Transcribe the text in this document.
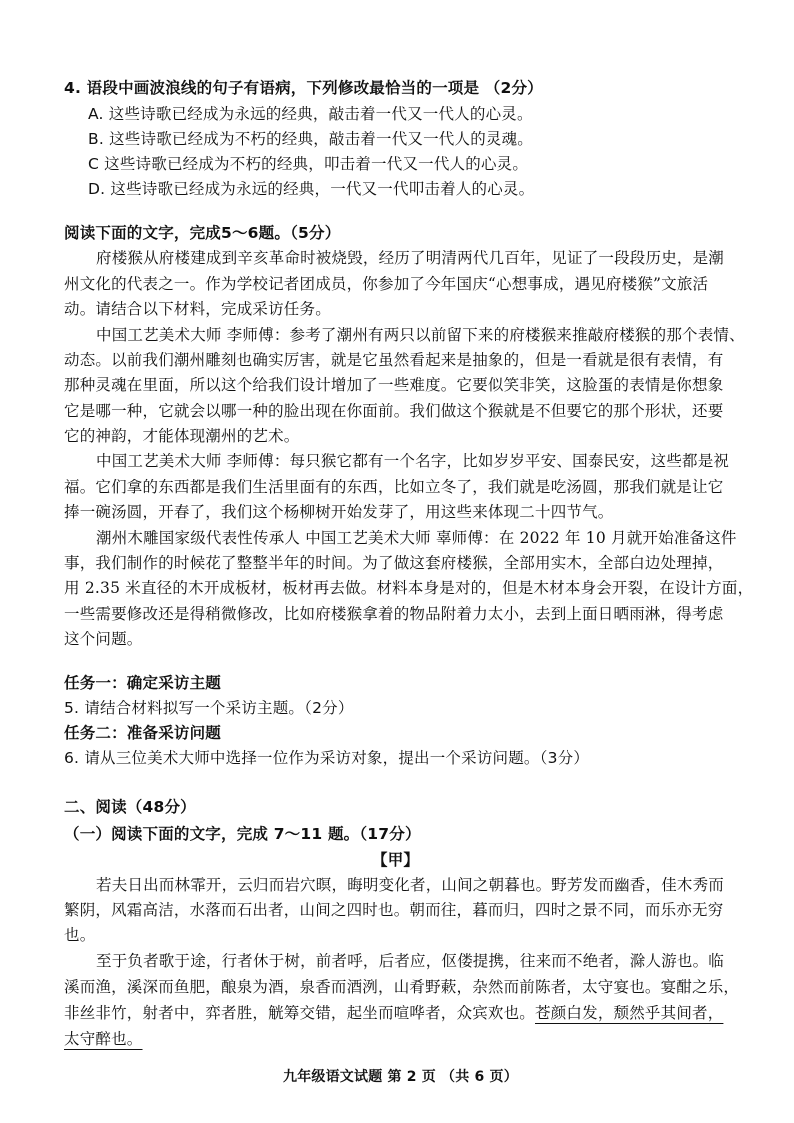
4. 语段中画波浪线的句子有语病，下列修改最恰当的一项是 （2分）
A. 这些诗歌已经成为永远的经典，敲击着一代又一代人的心灵。
B. 这些诗歌已经成为不朽的经典，敲击着一代又一代人的灵魂。
C 这些诗歌已经成为不朽的经典，叩击着一代又一代人的心灵。
D. 这些诗歌已经成为永远的经典，一代又一代叩击着人的心灵。
阅读下面的文字，完成5～6题。（5分）
府楼猴从府楼建成到辛亥革命时被烧毁，经历了明清两代几百年，见证了一段段历史，是潮
州文化的代表之一。作为学校记者团成员，你参加了今年国庆“心想事成，遇见府楼猴”文旅活
动。请结合以下材料，完成采访任务。
中国工艺美术大师 李师傅：参考了潮州有两只以前留下来的府楼猴来推敲府楼猴的那个表情、
动态。以前我们潮州雕刻也确实厉害，就是它虽然看起来是抽象的，但是一看就是很有表情，有
那种灵魂在里面，所以这个给我们设计增加了一些难度。它要似笑非笑，这脸蛋的表情是你想象
它是哪一种，它就会以哪一种的脸出现在你面前。我们做这个猴就是不但要它的那个形状，还要
它的神韵，才能体现潮州的艺术。
中国工艺美术大师 李师傅：每只猴它都有一个名字，比如岁岁平安、国泰民安，这些都是祝
福。它们拿的东西都是我们生活里面有的东西，比如立冬了，我们就是吃汤圆，那我们就是让它
捧一碗汤圆，开春了，我们这个杨柳树开始发芽了，用这些来体现二十四节气。
潮州木雕国家级代表性传承人 中国工艺美术大师 辜师傅：在 2022 年 10 月就开始准备这件
事，我们制作的时候花了整整半年的时间。为了做这套府楼猴，全部用实木，全部白边处理掉，
用 2.35 米直径的木开成板材，板材再去做。材料本身是对的，但是木材本身会开裂，在设计方面，
一些需要修改还是得稍微修改，比如府楼猴拿着的物品附着力太小，去到上面日晒雨淋，得考虑
这个问题。
任务一：确定采访主题
5. 请结合材料拟写一个采访主题。（2分）
任务二：准备采访问题
6. 请从三位美术大师中选择一位作为采访对象，提出一个采访问题。（3分）
二、阅读（48分）
（一）阅读下面的文字，完成 7～11 题。（17分）
【甲】
若夫日出而林霏开，云归而岩穴暝，晦明变化者，山间之朝暮也。野芳发而幽香，佳木秀而
繁阴，风霜高洁，水落而石出者，山间之四时也。朝而往，暮而归，四时之景不同，而乐亦无穷
也。
至于负者歌于途，行者休于树，前者呼，后者应，伛偻提携，往来而不绝者，滁人游也。临
溪而渔，溪深而鱼肥，酿泉为酒，泉香而酒洌，山肴野蔌，杂然而前陈者，太守宴也。宴酣之乐，
非丝非竹，射者中，弈者胜，觥筹交错，起坐而喧哗者，众宾欢也。苍颜白发，颓然乎其间者，
太守醉也。
九年级语文试题 第 2 页 （共 6 页）
